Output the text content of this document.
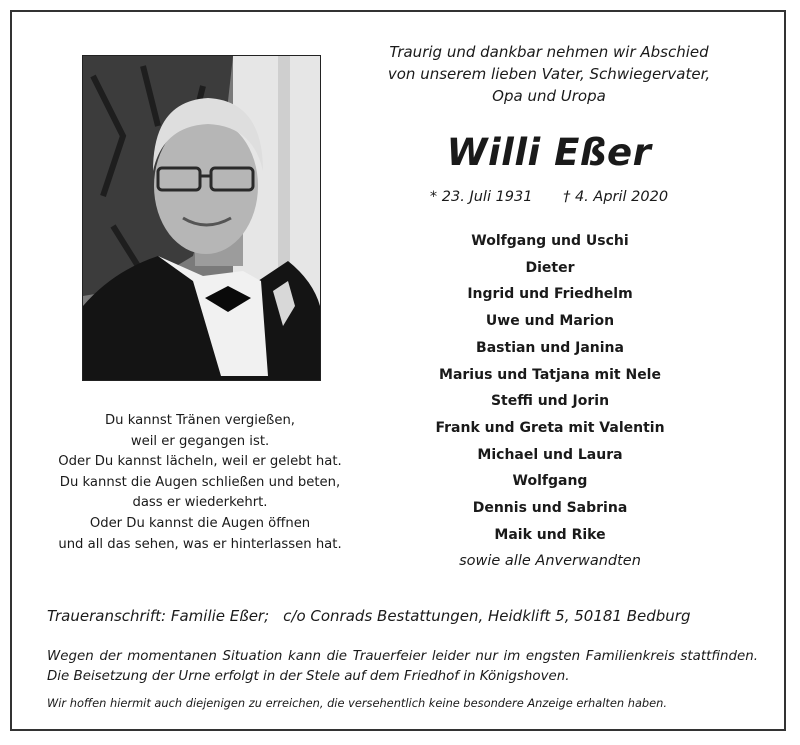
Traurig und dankbar nehmen wir Abschied
von unserem lieben Vater, Schwiegervater,
Opa und Uropa
Willi Eßer
* 23. Juli 1931 † 4. April 2020
Wolfgang und Uschi
Dieter
Ingrid und Friedhelm
Uwe und Marion
Bastian und Janina
Marius und Tatjana mit Nele
Steffi und Jorin
Frank und Greta mit Valentin
Michael und Laura
Wolfgang
Dennis und Sabrina
Maik und Rike
sowie alle Anverwandten
Du kannst Tränen vergießen,
weil er gegangen ist.
Oder Du kannst lächeln, weil er gelebt hat.
Du kannst die Augen schließen und beten,
dass er wiederkehrt.
Oder Du kannst die Augen öffnen
und all das sehen, was er hinterlassen hat.
Traueranschrift: Familie Eßer; c/o Conrads Bestattungen, Heidklift 5, 50181 Bedburg
Wegen der momentanen Situation kann die Trauerfeier leider nur im engsten Familienkreis stattfinden. Die Beisetzung der Urne erfolgt in der Stele auf dem Friedhof in Königshoven.
Wir hoffen hiermit auch diejenigen zu erreichen, die versehentlich keine besondere Anzeige erhalten haben.
